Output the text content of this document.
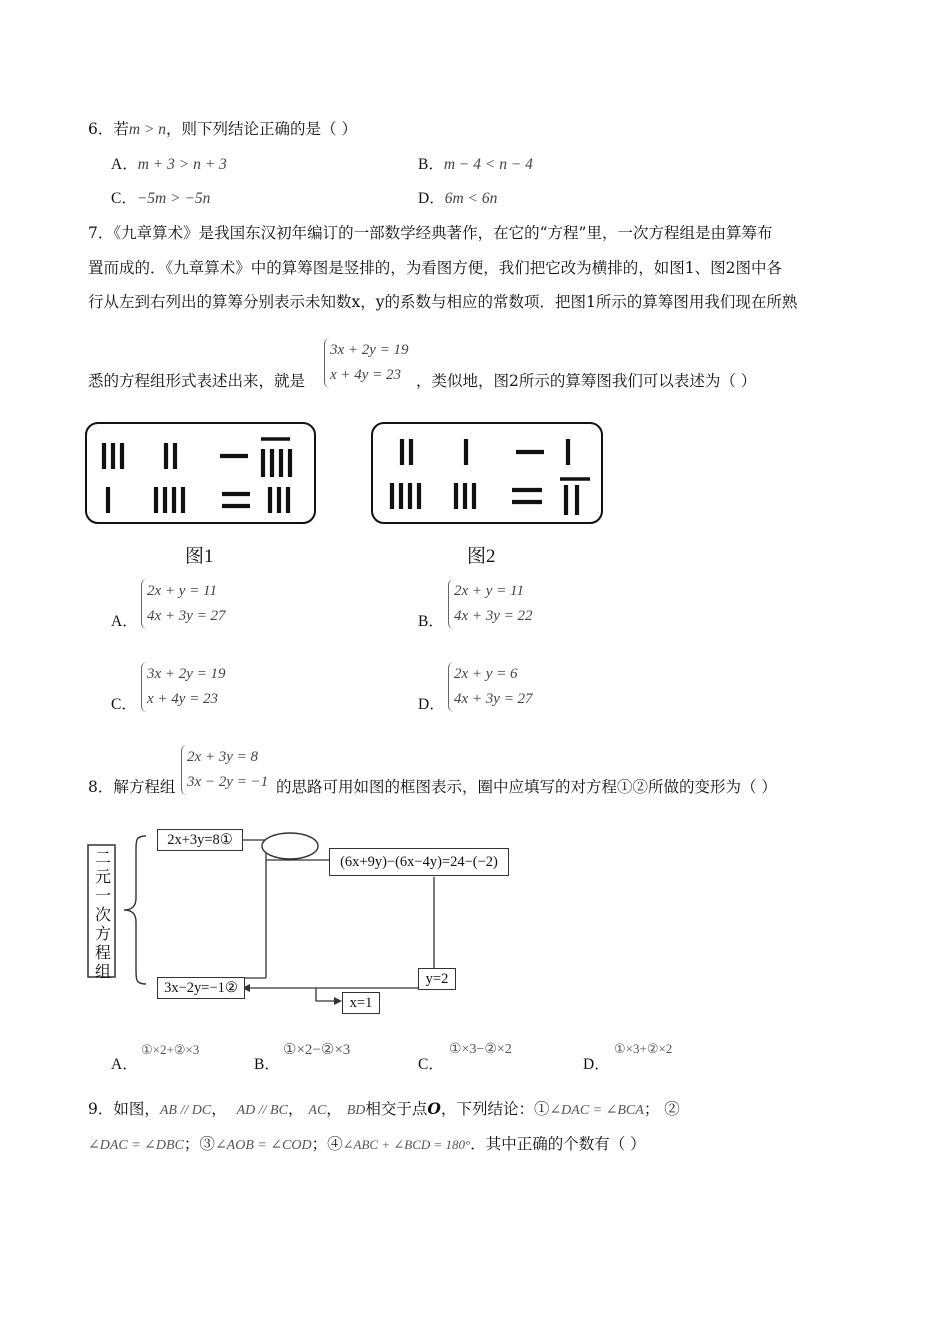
6．若m > n，则下列结论正确的是（ ）
A．m + 3 > n + 3	B．m − 4 < n − 4
C．−5m > −5n	D．6m < 6n
7．《九章算术》是我国东汉初年编订的一部数学经典著作，在它的“方程”里，一次方程组是由算筹布
置而成的．《九章算术》中的算筹图是竖排的，为看图方便，我们把它改为横排的，如图1、图2图中各
行从左到右列出的算筹分别表示未知数x，y的系数与相应的常数项．把图1所示的算筹图用我们现在所熟
悉的方程组形式表述出来，就是
3x + 2y = 19
x + 4y = 23 ，类似地，图2所示的算筹图我们可以表述为（ ）
图1	图2
A．
2x + y = 11
4x + 3y = 27	B．
2x + y = 11
4x + 3y = 22
C．
3x + 2y = 19
x + 4y = 23	D．
2x + y = 6
4x + 3y = 27
8．解方程组
2x + 3y = 8
3x − 2y = −1 的思路可用如图的框图表示，圈中应填写的对方程①②所做的变形为（ ）
二元一次方程组
2x+3y=8①
(6x+9y)−(6x−4y)=24−(−2)
y=2
3x−2y=−1②
x=1
A．
①×2+②×3
B．
①×2−②×3
C．
①×3−②×2
D．
①×3+②×2
9．如图，AB // DC， AD // BC， AC， BD相交于点O，下列结论：①∠DAC = ∠BCA； ②
∠DAC = ∠DBC；③∠AOB = ∠COD；④∠ABC + ∠BCD = 180°．其中正确的个数有（ ）
